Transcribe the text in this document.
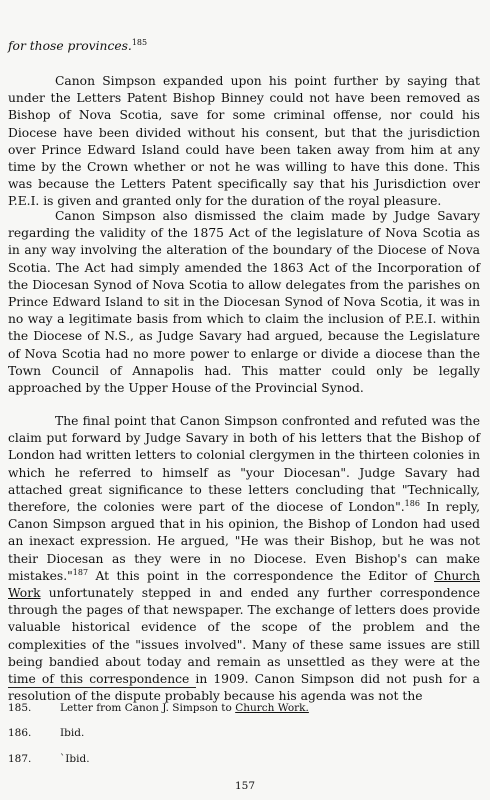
for those provinces.$^{185}$

Canon Simpson expanded upon his point further by saying that under the Letters Patent Bishop Binney could not have been removed as Bishop of Nova Scotia, save for some criminal offense, nor could his Diocese have been divided without his consent, but that the jurisdiction over Prince Edward Island could have been taken away from him at any time by the Crown whether or not he was willing to have this done. This was because the Letters Patent specifically say that his Jurisdiction over P.E.I. is given and granted only for the duration of the royal pleasure.

Canon Simpson also dismissed the claim made by Judge Savary regarding the validity of the 1875 Act of the legislature of Nova Scotia as in any way involving the alteration of the boundary of the Diocese of Nova Scotia. The Act had simply amended the 1863 Act of the Incorporation of the Diocesan Synod of Nova Scotia to allow delegates from the parishes on Prince Edward Island to sit in the Diocesan Synod of Nova Scotia, it was in no way a legitimate basis from which to claim the inclusion of P.E.I. within the Diocese of N.S., as Judge Savary had argued, because the Legislature of Nova Scotia had no more power to enlarge or divide a diocese than the Town Council of Annapolis had. This matter could only be legally approached by the Upper House of the Provincial Synod.

The final point that Canon Simpson confronted and refuted was the claim put forward by Judge Savary in both of his letters that the Bishop of London had written letters to colonial clergymen in the thirteen colonies in which he referred to himself as "your Diocesan". Judge Savary had attached great significance to these letters concluding that "Technically, therefore, the colonies were part of the diocese of London".$^{186}$ In reply, Canon Simpson argued that in his opinion, the Bishop of London had used an inexact expression. He argued, "He was their Bishop, but he was not their Diocesan as they were in no Diocese. Even Bishop's can make mistakes."$^{187}$ At this point in the correspondence the Editor of Church Work unfortunately stepped in and ended any further correspondence through the pages of that newspaper. The exchange of letters does provide valuable historical evidence of the scope of the problem and the complexities of the "issues involved". Many of these same issues are still being bandied about today and remain as unsettled as they were at the time of this correspondence in 1909. Canon Simpson did not push for a resolution of the dispute probably because his agenda was not the

185.	Letter from Canon J. Simpson to Church Work.
186.	Ibid.
187.	`Ibid.
157
